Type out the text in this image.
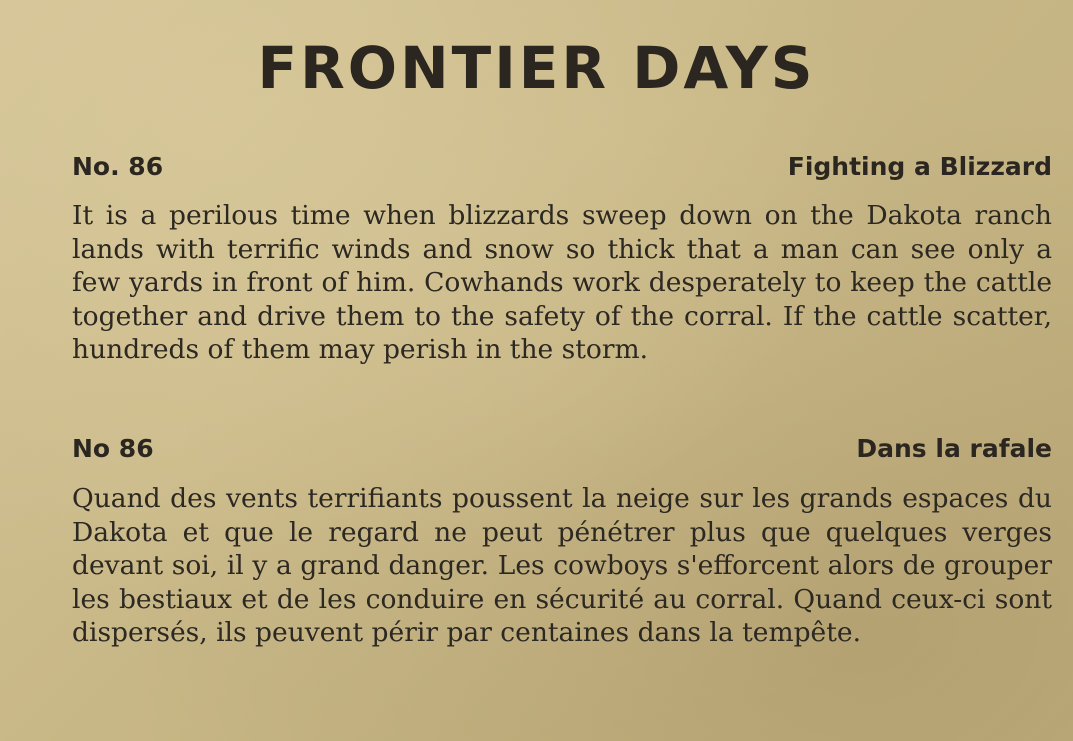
FRONTIER DAYS
No. 86	Fighting a Blizzard
It is a perilous time when blizzards sweep down on the Dakota ranch lands with terrific winds and snow so thick that a man can see only a few yards in front of him. Cowhands work desperately to keep the cattle together and drive them to the safety of the corral. If the cattle scatter, hundreds of them may perish in the storm.
No 86	Dans la rafale
Quand des vents terrifiants poussent la neige sur les grands espaces du Dakota et que le regard ne peut pénétrer plus que quelques verges devant soi, il y a grand danger. Les cowboys s'efforcent alors de grouper les bestiaux et de les conduire en sécurité au corral. Quand ceux-ci sont dispersés, ils peuvent périr par centaines dans la tempête.
